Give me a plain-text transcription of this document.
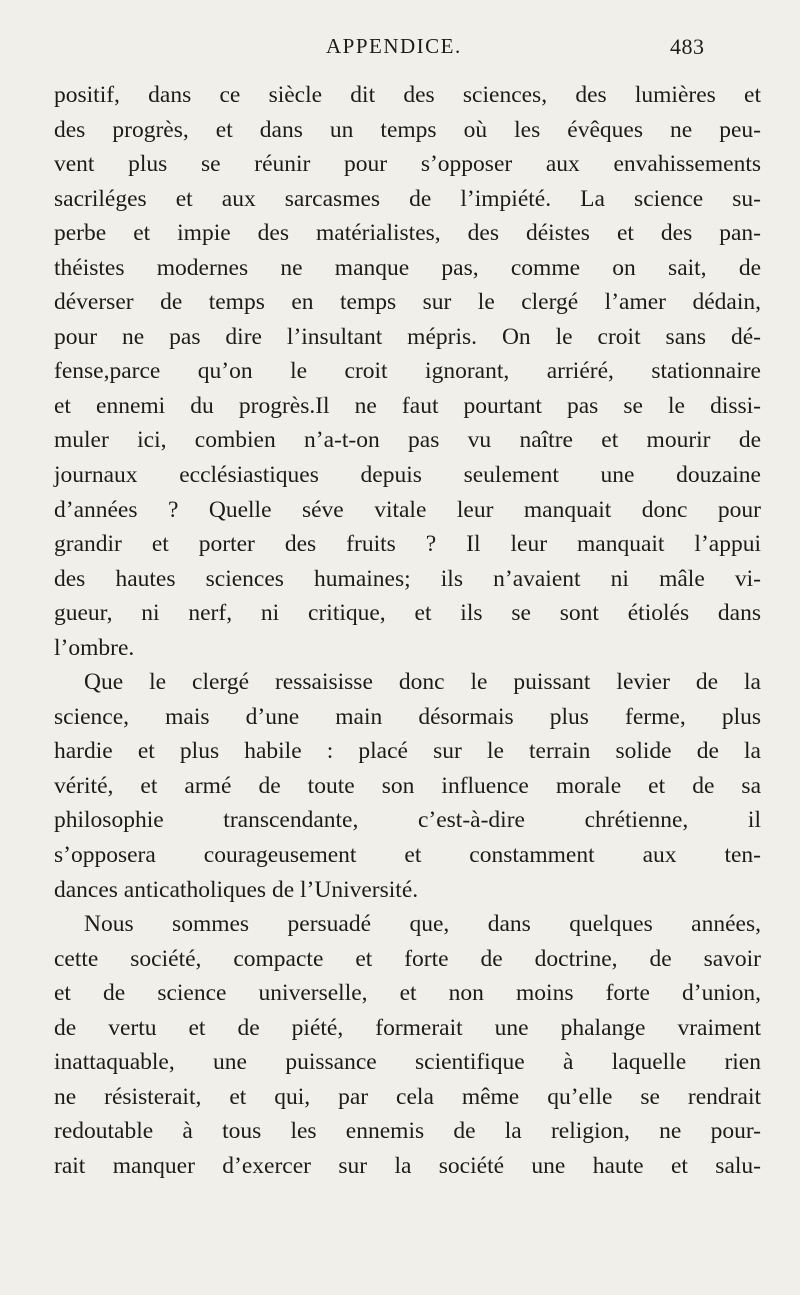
APPENDICE.	483
positif, dans ce siècle dit des sciences, des lumières et
des progrès, et dans un temps où les évêques ne peu-
vent plus se réunir pour s’opposer aux envahissements
sacriléges et aux sarcasmes de l’impiété. La science su-
perbe et impie des matérialistes, des déistes et des pan-
théistes modernes ne manque pas, comme on sait, de
déverser de temps en temps sur le clergé l’amer dédain,
pour ne pas dire l’insultant mépris. On le croit sans dé-
fense,parce qu’on le croit ignorant, arriéré, stationnaire
et ennemi du progrès.Il ne faut pourtant pas se le dissi-
muler ici, combien n’a-t-on pas vu naître et mourir de
journaux ecclésiastiques depuis seulement une douzaine
d’années ? Quelle séve vitale leur manquait donc pour
grandir et porter des fruits ? Il leur manquait l’appui
des hautes sciences humaines; ils n’avaient ni mâle vi-
gueur, ni nerf, ni critique, et ils se sont étiolés dans
l’ombre.
Que le clergé ressaisisse donc le puissant levier de la
science, mais d’une main désormais plus ferme, plus
hardie et plus habile : placé sur le terrain solide de la
vérité, et armé de toute son influence morale et de sa
philosophie transcendante, c’est-à-dire chrétienne, il
s’opposera courageusement et constamment aux ten-
dances anticatholiques de l’Université.
Nous sommes persuadé que, dans quelques années,
cette société, compacte et forte de doctrine, de savoir
et de science universelle, et non moins forte d’union,
de vertu et de piété, formerait une phalange vraiment
inattaquable, une puissance scientifique à laquelle rien
ne résisterait, et qui, par cela même qu’elle se rendrait
redoutable à tous les ennemis de la religion, ne pour-
rait manquer d’exercer sur la société une haute et salu-
